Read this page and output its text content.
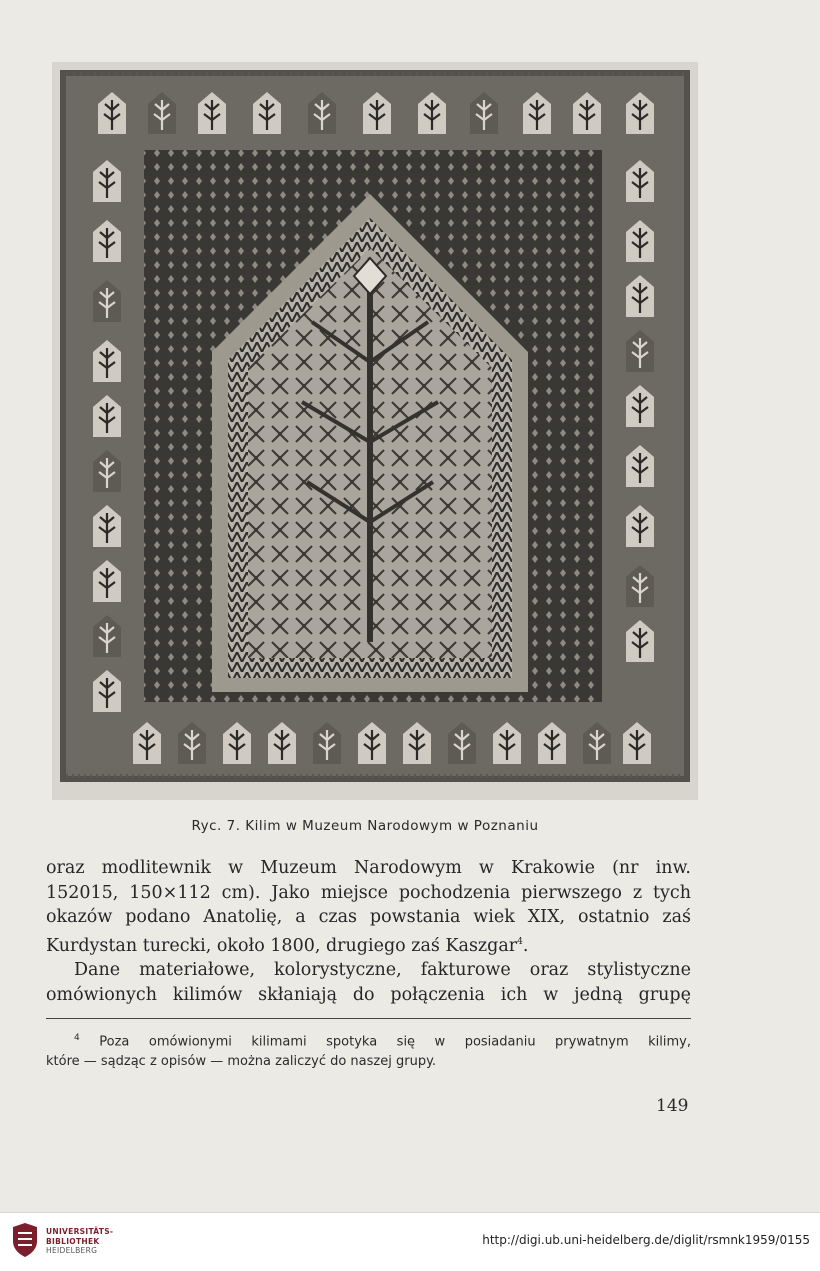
Ryc. 7. Kilim w Muzeum Narodowym w Poznaniu
oraz modlitewnik w Muzeum Narodowym w Krakowie (nr inw.
152015, 150×112 cm). Jako miejsce pochodzenia pierwszego z tych
okazów podano Anatolię, a czas powstania wiek XIX, ostatnio zaś
Kurdystan turecki, około 1800, drugiego zaś Kaszgar$^4$.
Dane materiałowe, kolorystyczne, fakturowe oraz stylistyczne
omówionych kilimów skłaniają do połączenia ich w jedną grupę
$^4$ Poza omówionymi kilimami spotyka się w posiadaniu prywatnym kilimy,
które — sądząc z opisów — można zaliczyć do naszej grupy.
149
UNIVERSITÄTS-
BIBLIOTHEK
HEIDELBERG
http://digi.ub.uni-heidelberg.de/diglit/rsmnk1959/0155
